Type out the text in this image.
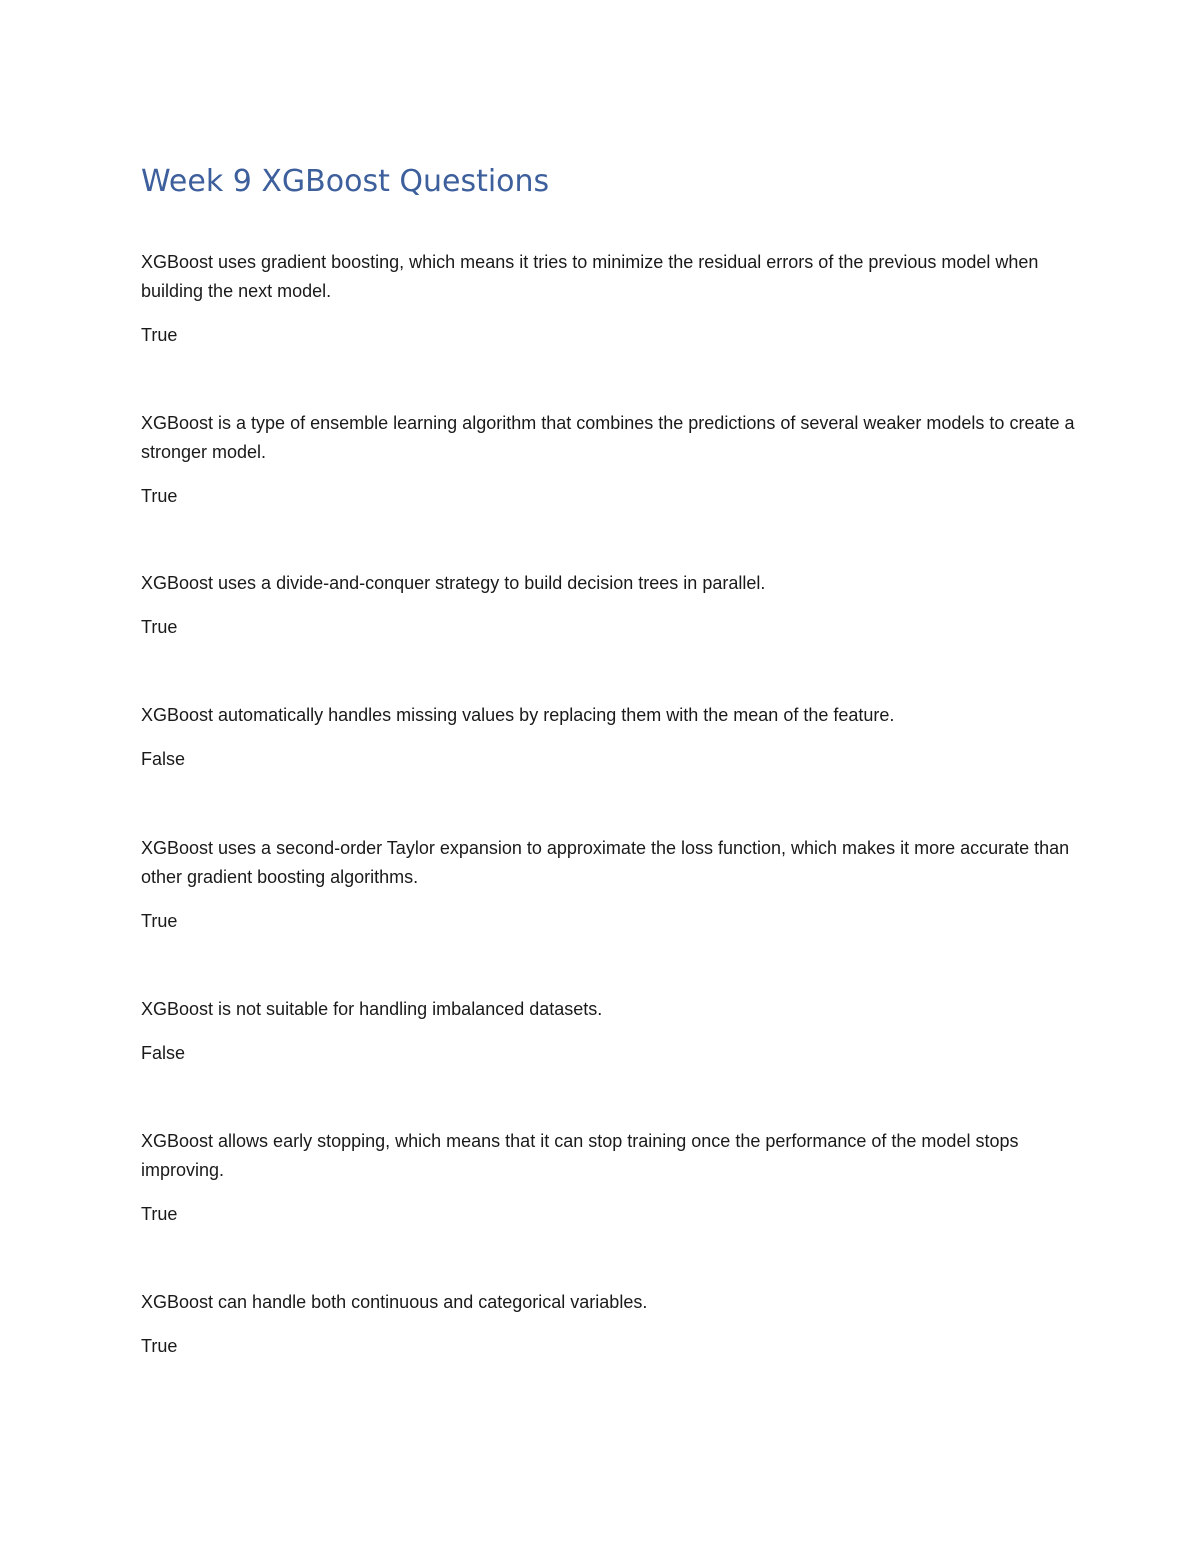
Week 9 XGBoost Questions

XGBoost uses gradient boosting, which means it tries to minimize the residual errors of the previous model when building the next model.

True

XGBoost is a type of ensemble learning algorithm that combines the predictions of several weaker models to create a stronger model.

True

XGBoost uses a divide-and-conquer strategy to build decision trees in parallel.

True

XGBoost automatically handles missing values by replacing them with the mean of the feature.

False

XGBoost uses a second-order Taylor expansion to approximate the loss function, which makes it more accurate than other gradient boosting algorithms.

True

XGBoost is not suitable for handling imbalanced datasets.

False

XGBoost allows early stopping, which means that it can stop training once the performance of the model stops improving.

True

XGBoost can handle both continuous and categorical variables.

True
